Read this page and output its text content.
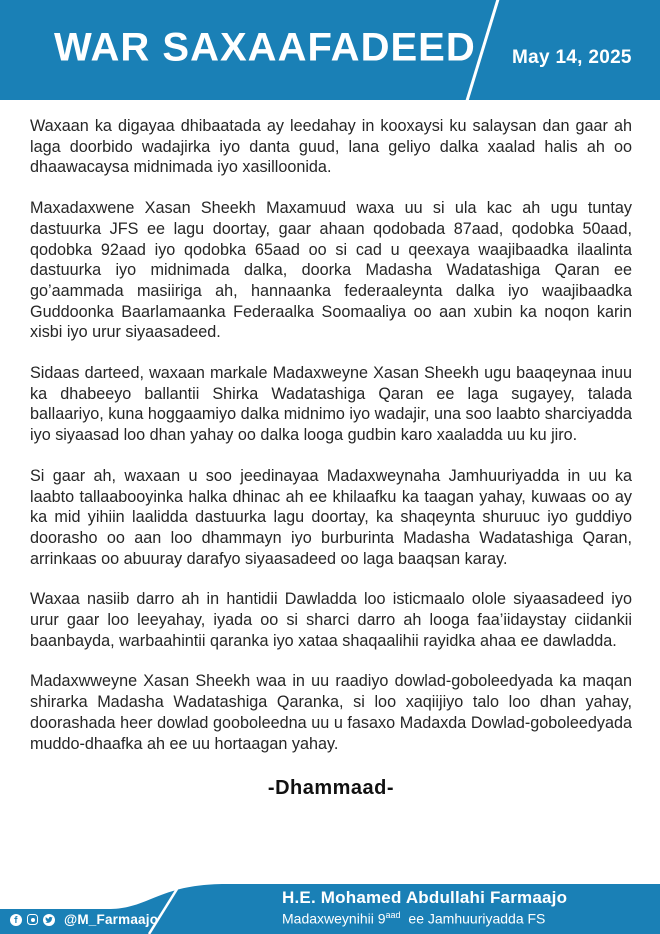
WAR SAXAAFADEED May 14, 2025

Waxaan ka digayaa dhibaatada ay leedahay in kooxaysi ku salaysan dan gaar ah laga doorbido wadajirka iyo danta guud, lana geliyo dalka xaalad halis ah oo dhaawacaysa midnimada iyo xasilloonida.

Maxadaxwene Xasan Sheekh Maxamuud waxa uu si ula kac ah ugu tuntay dastuurka JFS ee lagu doortay, gaar ahaan qodobada 87aad, qodobka 50aad, qodobka 92aad iyo qodobka 65aad oo si cad u qeexaya waajibaadka ilaalinta dastuurka iyo midnimada dalka, doorka Madasha Wadatashiga Qaran ee go’aammada masiiriga ah, hannaanka federaaleynta dalka iyo waajibaadka Guddoonka Baarlamaanka Federaalka Soomaaliya oo aan xubin ka noqon karin xisbi iyo urur siyaasadeed.

Sidaas darteed, waxaan markale Madaxweyne Xasan Sheekh ugu baaqeynaa inuu ka dhabeeyo ballantii Shirka Wadatashiga Qaran ee laga sugayey, talada ballaariyo, kuna hoggaamiyo dalka midnimo iyo wadajir, una soo laabto sharciyadda iyo siyaasad loo dhan yahay oo dalka looga gudbin karo xaaladda uu ku jiro.

Si gaar ah, waxaan u soo jeedinayaa Madaxweynaha Jamhuuriyadda in uu ka laabto tallaabooyinka halka dhinac ah ee khilaafku ka taagan yahay, kuwaas oo ay ka mid yihiin laalidda dastuurka lagu doortay, ka shaqeynta shuruuc iyo guddiyo doorasho oo aan loo dhammayn iyo burburinta Madasha Wadatashiga Qaran, arrinkaas oo abuuray darafyo siyaasadeed oo laga baaqsan karay.

Waxaa nasiib darro ah in hantidii Dawladda loo isticmaalo olole siyaasadeed iyo urur gaar loo leeyahay, iyada oo si sharci darro ah looga faa’iidaystay ciidankii baanbayda, warbaahintii qaranka iyo xataa shaqaalihii rayidka ahaa ee dawladda.

Madaxwweyne Xasan Sheekh waa in uu raadiyo dowlad-goboleedyada ka maqan shirarka Madasha Wadatashiga Qaranka, si loo xaqiijiyo talo loo dhan yahay, doorashada heer dowlad gooboleedna uu u fasaxo Madaxda Dowlad-goboleedyada muddo-dhaafka ah ee uu hortaagan yahay.

-Dhammaad-
@M_Farmaajo
H.E. Mohamed Abdullahi Farmaajo
Madaxweynihii $9^{aad}$ ee Jamhuuriyadda FS
